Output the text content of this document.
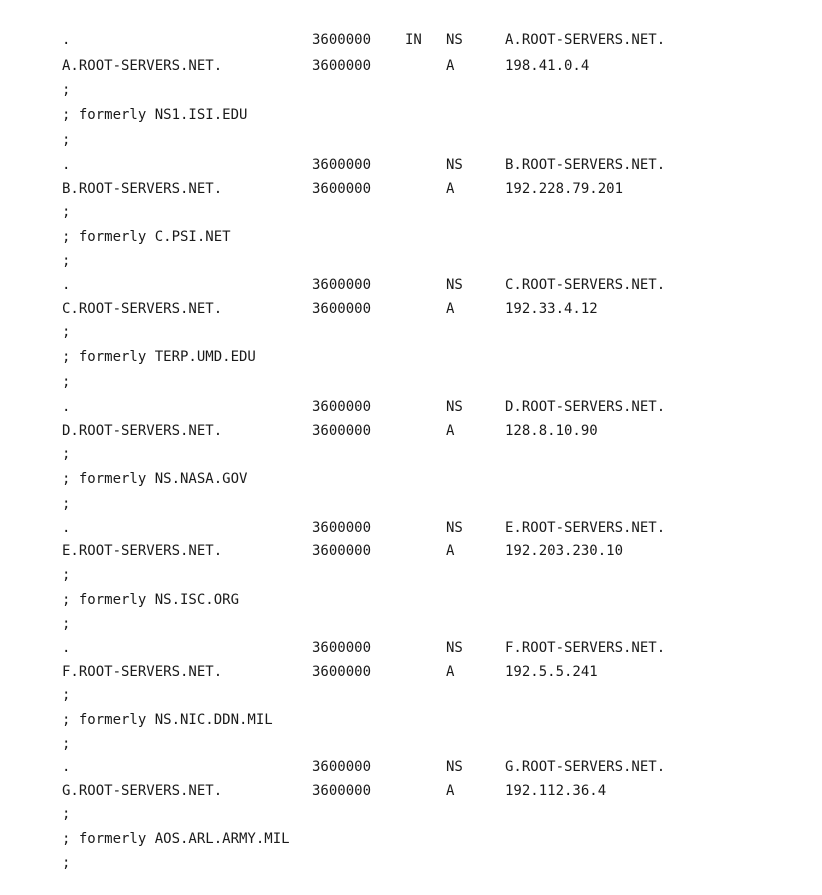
.	3600000 IN NS	A.ROOT-SERVERS.NET.
A.ROOT-SERVERS.NET.	3600000	A	198.41.0.4
;
; formerly NS1.ISI.EDU
;
.	3600000	NS	B.ROOT-SERVERS.NET.
B.ROOT-SERVERS.NET.	3600000	A	192.228.79.201
;
; formerly C.PSI.NET
;
.	3600000	NS	C.ROOT-SERVERS.NET.
C.ROOT-SERVERS.NET.	3600000	A	192.33.4.12
;
; formerly TERP.UMD.EDU
;
.	3600000	NS	D.ROOT-SERVERS.NET.
D.ROOT-SERVERS.NET.	3600000	A	128.8.10.90
;
; formerly NS.NASA.GOV
;
.	3600000	NS	E.ROOT-SERVERS.NET.
E.ROOT-SERVERS.NET.	3600000	A	192.203.230.10
;
; formerly NS.ISC.ORG
;
.	3600000	NS	F.ROOT-SERVERS.NET.
F.ROOT-SERVERS.NET.	3600000	A	192.5.5.241
;
; formerly NS.NIC.DDN.MIL
;
.	3600000	NS	G.ROOT-SERVERS.NET.
G.ROOT-SERVERS.NET.	3600000	A	192.112.36.4
;
; formerly AOS.ARL.ARMY.MIL
;
